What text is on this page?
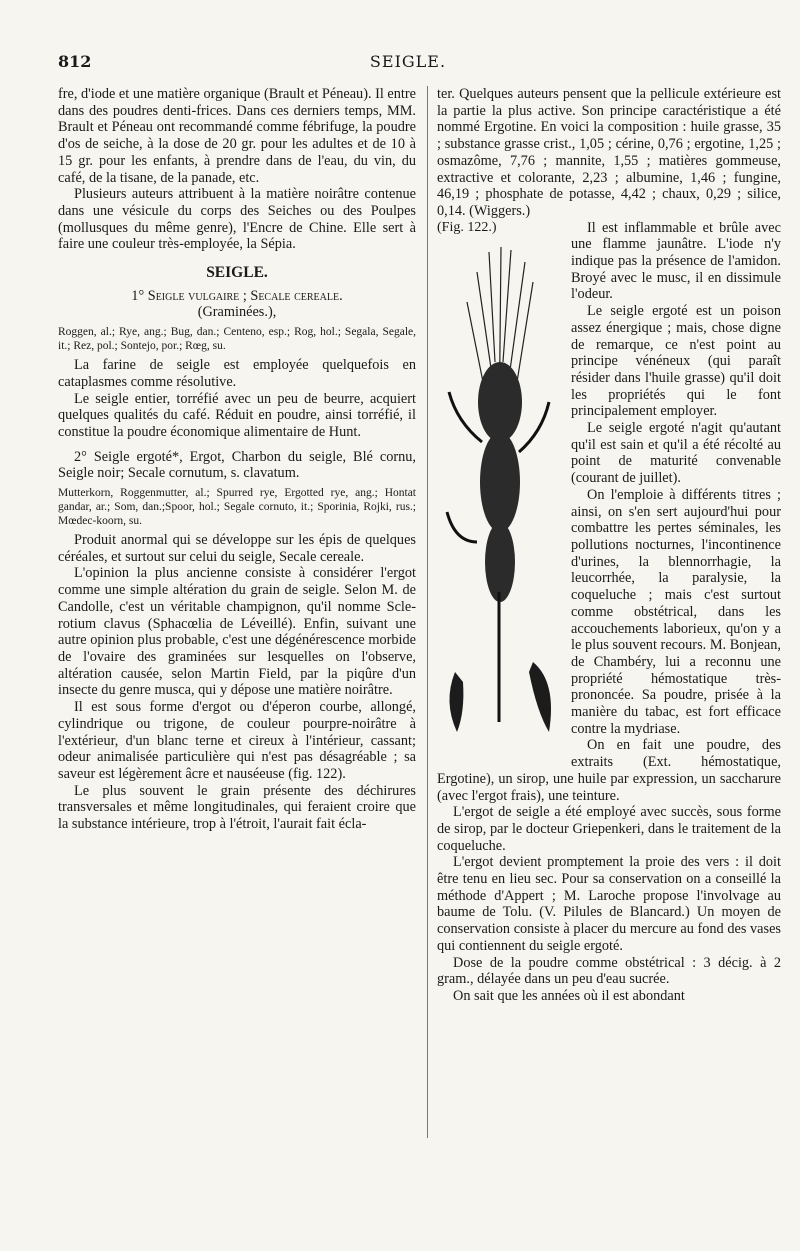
812	SEIGLE.

fre, d'iode et une matière organique (Brault et Péneau). Il entre dans des poudres denti-frices. Dans ces derniers temps, MM. Brault et Péneau ont recommandé comme fébrifuge, la poudre d'os de seiche, à la dose de 20 gr. pour les adultes et de 10 à 15 gr. pour les enfants, à prendre dans de l'eau, du vin, du café, de la tisane, de la panade, etc.

Plusieurs auteurs attribuent à la matière noirâtre contenue dans une vésicule du corps des Seiches ou des Poulpes (mollusques du même genre), l'Encre de Chine. Elle sert à faire une couleur très-employée, la Sépia.

SEIGLE.

1° Seigle vulgaire ; Secale cereale.

(Graminées.),

Roggen, al.; Rye, ang.; Bug, dan.; Centeno, esp.; Rog, hol.; Segala, Segale, it.; Rez, pol.; Sontejo, por.; Rœg, su.

La farine de seigle est employée quelquefois en cataplasmes comme résolutive.

Le seigle entier, torréfié avec un peu de beurre, acquiert quelques qualités du café. Réduit en poudre, ainsi torréfié, il constitue la poudre économique alimentaire de Hunt.

2° Seigle ergoté*, Ergot, Charbon du seigle, Blé cornu, Seigle noir; Secale cornutum, s. clavatum.

Mutterkorn, Roggenmutter, al.; Spurred rye, Ergotted rye, ang.; Hontat gandar, ar.; Som, dan.;Spoor, hol.; Segale cornuto, it.; Sporinia, Rojki, rus.; Mœdec-koorn, su.

Produit anormal qui se développe sur les épis de quelques céréales, et surtout sur celui du seigle, Secale cereale.

L'opinion la plus ancienne consiste à considérer l'ergot comme une simple altération du grain de seigle. Selon M. de Candolle, c'est un véritable champignon, qu'il nomme Scle-rotium clavus (Sphacœlia de Léveillé). Enfin, suivant une autre opinion plus probable, c'est une dégénérescence morbide de l'ovaire des graminées sur lesquelles on l'observe, altération causée, selon Martin Field, par la piqûre d'un insecte du genre musca, qui y dépose une matière noirâtre.

Il est sous forme d'ergot ou d'éperon courbe, allongé, cylindrique ou trigone, de couleur pourpre-noirâtre à l'extérieur, d'un blanc terne et cireux à l'intérieur, cassant; odeur animalisée particulière qui n'est pas désagréable ; sa saveur est légèrement âcre et nauséeuse (fig. 122).

Le plus souvent le grain présente des déchirures transversales et même longitudinales, qui feraient croire que la substance intérieure, trop à l'étroit, l'aurait fait écla-

ter. Quelques auteurs pensent que la pellicule extérieure est la partie la plus active. Son principe caractéristique a été nommé Ergotine. En voici la composition : huile grasse, 35 ; substance grasse crist., 1,05 ; cérine, 0,76 ; ergotine, 1,25 ; osmazôme, 7,76 ; mannite, 1,55 ; matières gommeuse, extractive et colorante, 2,23 ; albumine, 1,46 ; fungine, 46,19 ; phosphate de potasse, 4,42 ; chaux, 0,29 ; silice, 0,14. (Wiggers.)

(Fig. 122.)	Il est inflammable et brûle avec une flamme jaunâtre. L'iode n'y indique pas la présence de l'amidon. Broyé avec le musc, il en dissimule l'odeur.

Le seigle ergoté est un poison assez énergique ; mais, chose digne de remarque, ce n'est point au principe vénéneux (qui paraît résider dans l'huile grasse) qu'il doit les propriétés qui le font principalement employer.

Le seigle ergoté n'agit qu'autant qu'il est sain et qu'il a été récolté au point de maturité convenable (courant de juillet).

On l'emploie à différents titres ; ainsi, on s'en sert aujourd'hui pour combattre les pertes séminales, les pollutions nocturnes, l'incontinence d'urines, la blennorrhagie, la leucorrhée, la paralysie, la coqueluche ; mais c'est surtout comme obstétrical, dans les accouchements laborieux, qu'on y a le plus souvent recours. M. Bonjean, de Chambéry, lui a reconnu une propriété hémostatique très-prononcée. Sa poudre, prisée à la manière du tabac, est fort efficace contre la mydriase.

On en fait une poudre, des extraits (Ext. hémostatique, Ergotine), un sirop, une huile par expression, un saccharure (avec l'ergot frais), une teinture.

L'ergot de seigle a été employé avec succès, sous forme de sirop, par le docteur Griepenkeri, dans le traitement de la coqueluche.

L'ergot devient promptement la proie des vers : il doit être tenu en lieu sec. Pour sa conservation on a conseillé la méthode d'Appert ; M. Laroche propose l'involvage au baume de Tolu. (V. Pilules de Blancard.) Un moyen de conservation consiste à placer du mercure au fond des vases qui contiennent du seigle ergoté.

Dose de la poudre comme obstétrical : 3 décig. à 2 gram., délayée dans un peu d'eau sucrée.

On sait que les années où il est abondant
